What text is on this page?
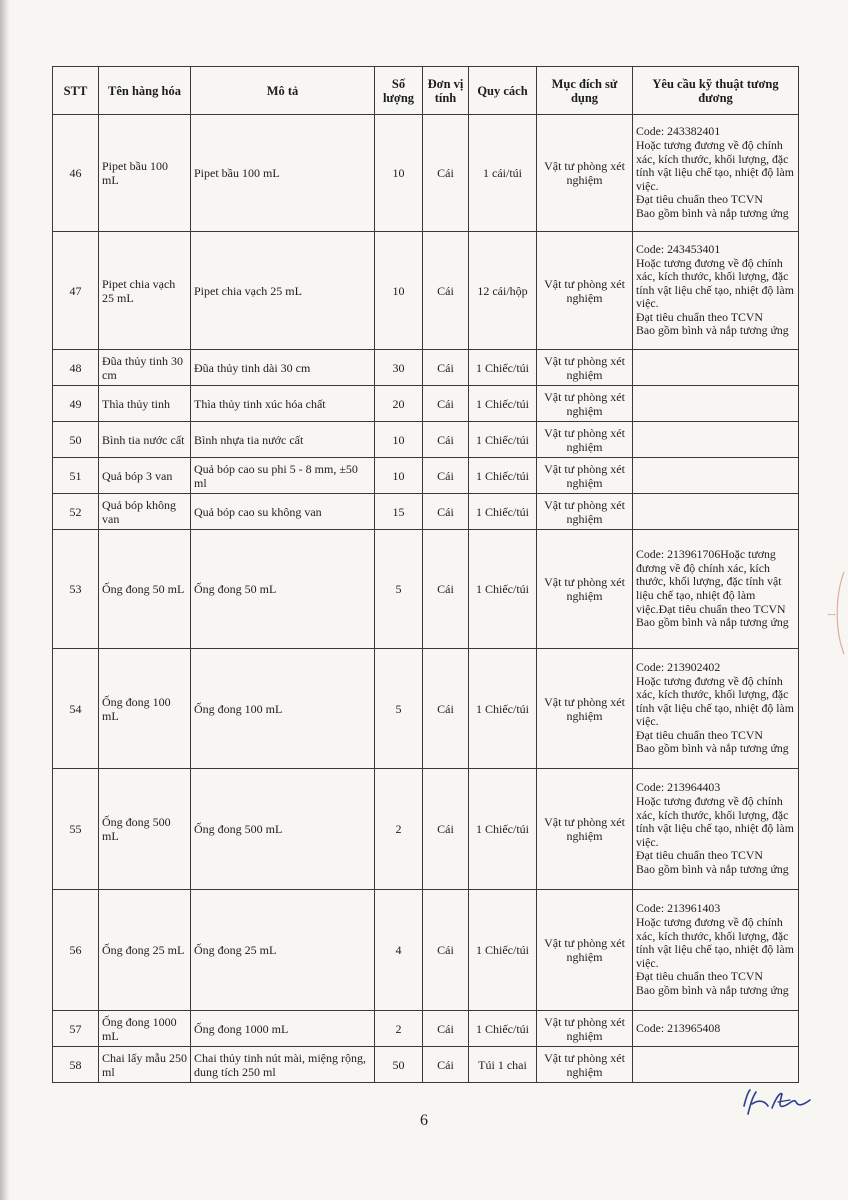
STT	Tên hàng hóa	Mô tả	Số lượng	Đơn vị tính	Quy cách	Mục đích sử dụng	Yêu cầu kỹ thuật tương đương
46	Pipet bầu 100 mL	Pipet bầu 100 mL	10	Cái	1 cái/túi	Vật tư phòng xét nghiệm	Code: 243382401
Hoặc tương đương về độ chính xác, kích thước, khối lượng, đặc tính vật liệu chế tạo, nhiệt độ làm việc.
Đạt tiêu chuẩn theo TCVN
Bao gồm bình và nắp tương ứng
47	Pipet chia vạch 25 mL	Pipet chia vạch 25 mL	10	Cái	12 cái/hộp	Vật tư phòng xét nghiệm	Code: 243453401
Hoặc tương đương về độ chính xác, kích thước, khối lượng, đặc tính vật liệu chế tạo, nhiệt độ làm việc.
Đạt tiêu chuẩn theo TCVN
Bao gồm bình và nắp tương ứng
48	Đũa thủy tinh 30 cm	Đũa thủy tinh dài 30 cm	30	Cái	1 Chiếc/túi	Vật tư phòng xét nghiệm	
49	Thìa thủy tinh	Thìa thủy tinh xúc hóa chất	20	Cái	1 Chiếc/túi	Vật tư phòng xét nghiệm	
50	Bình tia nước cất	Bình nhựa tia nước cất	10	Cái	1 Chiếc/túi	Vật tư phòng xét nghiệm	
51	Quả bóp 3 van	Quả bóp cao su phi 5 - 8 mm, ±50 ml	10	Cái	1 Chiếc/túi	Vật tư phòng xét nghiệm	
52	Quả bóp không van	Quả bóp cao su không van	15	Cái	1 Chiếc/túi	Vật tư phòng xét nghiệm	
53	Ống đong 50 mL	Ống đong 50 mL	5	Cái	1 Chiếc/túi	Vật tư phòng xét nghiệm	Code: 213961706Hoặc tương đương về độ chính xác, kích thước, khối lượng, đặc tính vật liệu chế tạo, nhiệt độ làm việc.Đạt tiêu chuẩn theo TCVN
Bao gồm bình và nắp tương ứng
54	Ống đong 100 mL	Ống đong 100 mL	5	Cái	1 Chiếc/túi	Vật tư phòng xét nghiệm	Code: 213902402
Hoặc tương đương về độ chính xác, kích thước, khối lượng, đặc tính vật liệu chế tạo, nhiệt độ làm việc.
Đạt tiêu chuẩn theo TCVN
Bao gồm bình và nắp tương ứng
55	Ống đong 500 mL	Ống đong 500 mL	2	Cái	1 Chiếc/túi	Vật tư phòng xét nghiệm	Code: 213964403
Hoặc tương đương về độ chính xác, kích thước, khối lượng, đặc tính vật liệu chế tạo, nhiệt độ làm việc.
Đạt tiêu chuẩn theo TCVN
Bao gồm bình và nắp tương ứng
56	Ống đong 25 mL	Ống đong 25 mL	4	Cái	1 Chiếc/túi	Vật tư phòng xét nghiệm	Code: 213961403
Hoặc tương đương về độ chính xác, kích thước, khối lượng, đặc tính vật liệu chế tạo, nhiệt độ làm việc.
Đạt tiêu chuẩn theo TCVN
Bao gồm bình và nắp tương ứng
57	Ống đong 1000 mL	Ống đong 1000 mL	2	Cái	1 Chiếc/túi	Vật tư phòng xét nghiệm	Code: 213965408
58	Chai lấy mẫu 250 ml	Chai thủy tinh nút mài, miệng rộng, dung tích 250 ml	50	Cái	Túi 1 chai	Vật tư phòng xét nghiệm	
ꟷ
6
